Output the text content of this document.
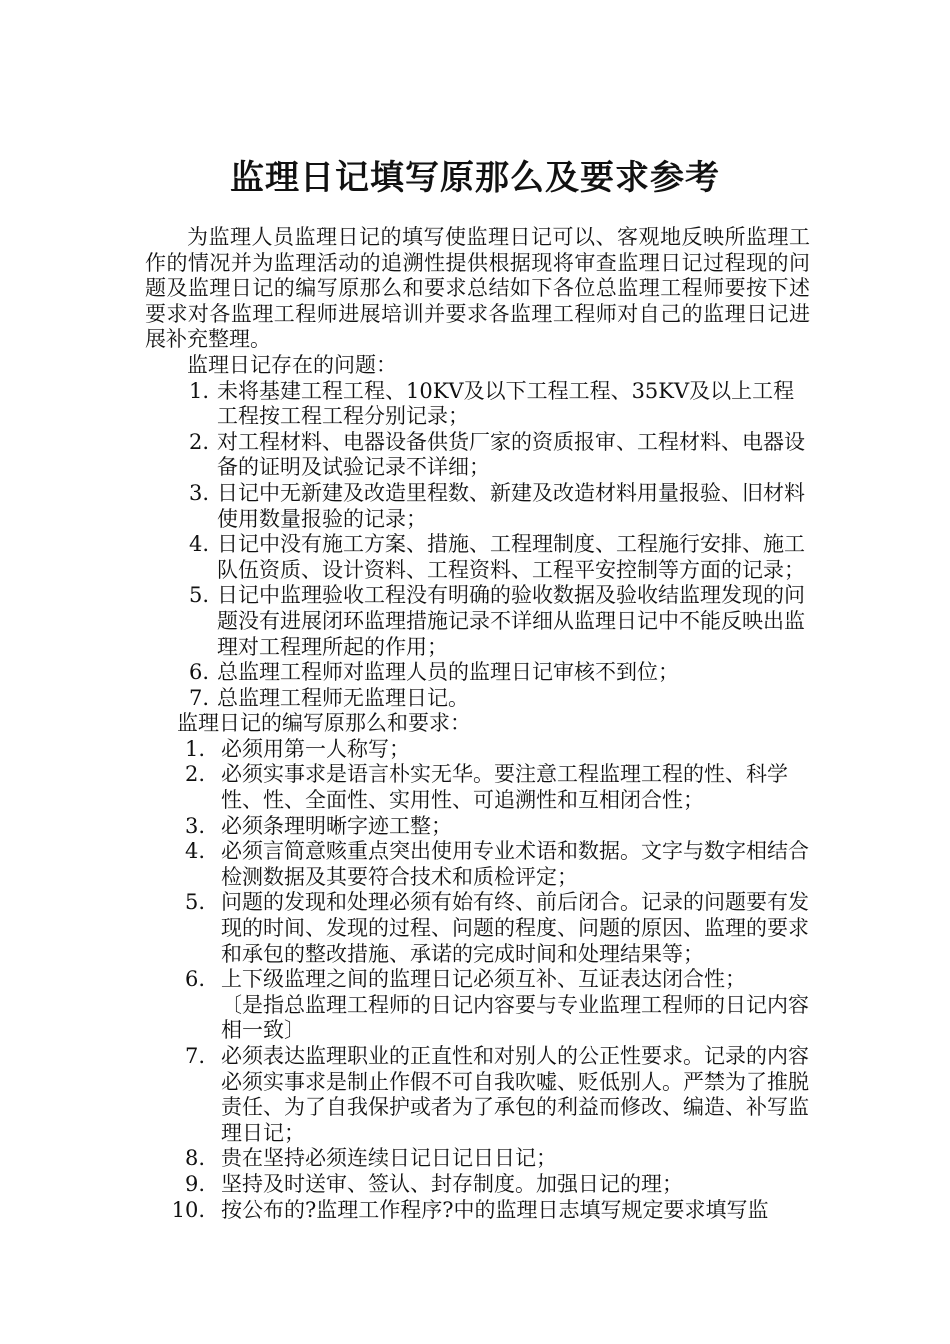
监理日记填写原那么及要求参考

为监理人员监理日记的填写使监理日记可以、客观地反映所监理工作的情况并为监理活动的追溯性提供根据现将审查监理日记过程现的问题及监理日记的编写原那么和要求总结如下各位总监理工程师要按下述要求对各监理工程师进展培训并要求各监理工程师对自己的监理日记进展补充整理。

监理日记存在的问题：

1. 未将基建工程工程、10KV及以下工程工程、35KV及以上工程工程按工程工程分别记录；
2. 对工程材料、电器设备供货厂家的资质报审、工程材料、电器设备的证明及试验记录不详细；
3. 日记中无新建及改造里程数、新建及改造材料用量报验、旧材料使用数量报验的记录；
4. 日记中没有施工方案、措施、工程理制度、工程施行安排、施工队伍资质、设计资料、工程资料、工程平安控制等方面的记录；
5. 日记中监理验收工程没有明确的验收数据及验收结监理发现的问题没有进展闭环监理措施记录不详细从监理日记中不能反映出监理对工程理所起的作用；
6. 总监理工程师对监理人员的监理日记审核不到位；
7. 总监理工程师无监理日记。

监理日记的编写原那么和要求：

1. 必须用第一人称写；
2. 必须实事求是语言朴实无华。要注意工程监理工程的性、科学性、性、全面性、实用性、可追溯性和互相闭合性；
3. 必须条理明晰字迹工整；
4. 必须言简意赅重点突出使用专业术语和数据。文字与数字相结合检测数据及其要符合技术和质检评定；
5. 问题的发现和处理必须有始有终、前后闭合。记录的问题要有发现的时间、发现的过程、问题的程度、问题的原因、监理的要求和承包的整改措施、承诺的完成时间和处理结果等；
6. 上下级监理之间的监理日记必须互补、互证表达闭合性；
〔是指总监理工程师的日记内容要与专业监理工程师的日记内容相一致〕
7. 必须表达监理职业的正直性和对别人的公正性要求。记录的内容必须实事求是制止作假不可自我吹嘘、贬低别人。严禁为了推脱责任、为了自我保护或者为了承包的利益而修改、编造、补写监理日记；
8. 贵在坚持必须连续日记日记日日记；
9. 坚持及时送审、签认、封存制度。加强日记的理；
10. 按公布的?监理工作程序?中的监理日志填写规定要求填写监
